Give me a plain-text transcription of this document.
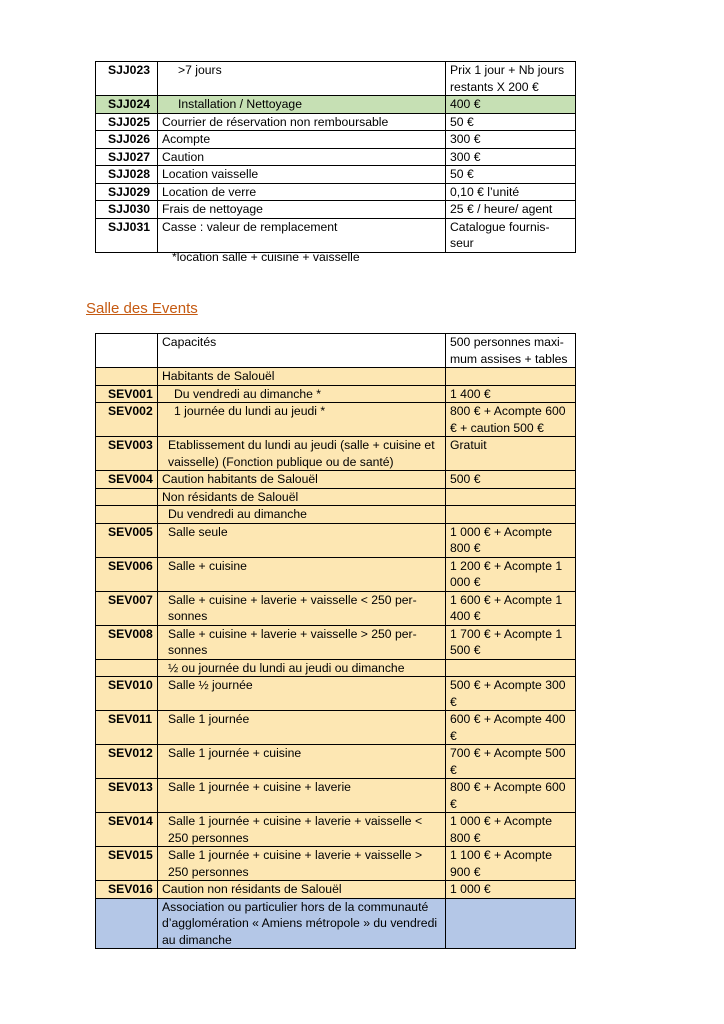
SJJ023	>7 jours	Prix 1 jour + Nb jours restants X 200 €
SJJ024	Installation / Nettoyage	400 €
SJJ025	Courrier de réservation non remboursable	50 €
SJJ026	Acompte	300 €
SJJ027	Caution	300 €
SJJ028	Location vaisselle	50 €
SJJ029	Location de verre	0,10 € l’unité
SJJ030	Frais de nettoyage	25 € / heure/ agent
SJJ031	Casse : valeur de remplacement	Catalogue fournis-seur
*location salle + cuisine + vaisselle
Salle des Events
	Capacités	500 personnes maxi-mum assises + tables
	Habitants de Salouël	
SEV001	Du vendredi au dimanche *	1 400 €
SEV002	1 journée du lundi au jeudi *	800 € + Acompte 600 € + caution 500 €
SEV003	Etablissement du lundi au jeudi (salle + cuisine et vaisselle) (Fonction publique ou de santé)	Gratuit
SEV004	Caution habitants de Salouël	500 €
	Non résidants de Salouël	
	Du vendredi au dimanche	
SEV005	Salle seule	1 000 € + Acompte 800 €
SEV006	Salle + cuisine	1 200 € + Acompte 1 000 €
SEV007	Salle + cuisine + laverie + vaisselle < 250 per-sonnes	1 600 € + Acompte 1 400 €
SEV008	Salle + cuisine + laverie + vaisselle > 250 per-sonnes	1 700 € + Acompte 1 500 €
	½ ou journée du lundi au jeudi ou dimanche	
SEV010	Salle ½ journée	500 € + Acompte 300 €
SEV011	Salle 1 journée	600 € + Acompte 400 €
SEV012	Salle 1 journée + cuisine	700 € + Acompte 500 €
SEV013	Salle 1 journée + cuisine + laverie	800 € + Acompte 600 €
SEV014	Salle 1 journée + cuisine + laverie + vaisselle < 250 personnes	1 000 € + Acompte 800 €
SEV015	Salle 1 journée + cuisine + laverie + vaisselle > 250 personnes	1 100 € + Acompte 900 €
SEV016	Caution non résidants de Salouël	1 000 €
	Association ou particulier hors de la communauté d’agglomération « Amiens métropole » du vendredi au dimanche	
